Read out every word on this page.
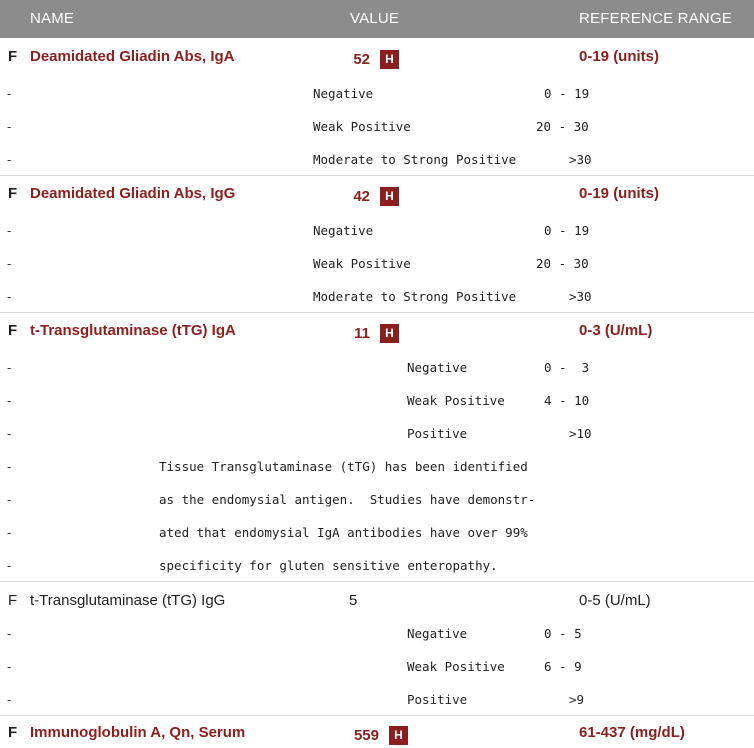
NAME	VALUE	REFERENCE RANGE
F Deamidated Gliadin Abs, IgA	52	H	0-19 (units)
-	Negative	0 - 19
-	Weak Positive	20 - 30
-	Moderate to Strong Positive	>30
F Deamidated Gliadin Abs, IgG	42	H	0-19 (units)
-	Negative	0 - 19
-	Weak Positive	20 - 30
-	Moderate to Strong Positive	>30
F t-Transglutaminase (tTG) IgA	11	H	0-3 (U/mL)
-	Negative	0 -  3
-	Weak Positive	4 - 10
-	Positive	>10
-	Tissue Transglutaminase (tTG) has been identified
-	as the endomysial antigen.  Studies have demonstr-
-	ated that endomysial IgA antibodies have over 99%
-	specificity for gluten sensitive enteropathy.
F t-Transglutaminase (tTG) IgG	5	0-5 (U/mL)
-	Negative	0 - 5
-	Weak Positive	6 - 9
-	Positive	>9
F Immunoglobulin A, Qn, Serum	559	H	61-437 (mg/dL)
